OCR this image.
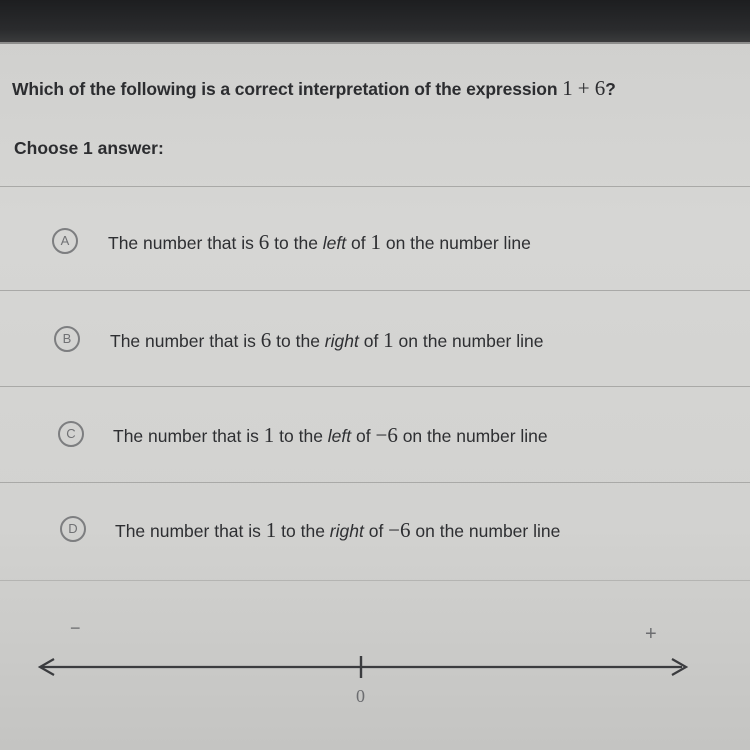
Which of the following is a correct interpretation of the expression 1 + 6?
Choose 1 answer:
A	The number that is 6 to the left of 1 on the number line
B	The number that is 6 to the right of 1 on the number line
C	The number that is 1 to the left of −6 on the number line
D	The number that is 1 to the right of −6 on the number line
−	+
0
